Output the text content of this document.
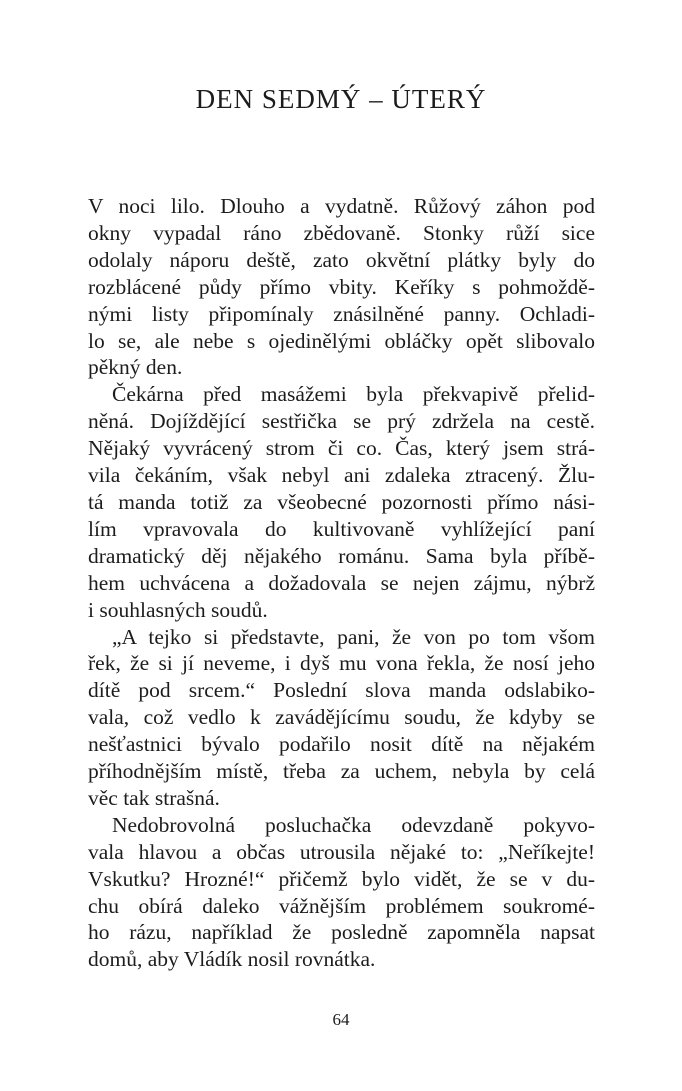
DEN SEDMÝ – ÚTERÝ
V noci lilo. Dlouho a vydatně. Růžový záhon pod
okny vypadal ráno zbědovaně. Stonky růží sice
odolaly náporu deště, zato okvětní plátky byly do
rozblácené půdy přímo vbity. Keříky s pohmoždě-
nými listy připomínaly znásilněné panny. Ochladi-
lo se, ale nebe s ojedinělými obláčky opět slibovalo
pěkný den.
Čekárna před masážemi byla překvapivě přelid-
něná. Dojíždějící sestřička se prý zdržela na cestě.
Nějaký vyvrácený strom či co. Čas, který jsem strá-
vila čekáním, však nebyl ani zdaleka ztracený. Žlu-
tá manda totiž za všeobecné pozornosti přímo nási-
lím vpravovala do kultivovaně vyhlížející paní
dramatický děj nějakého románu. Sama byla příbě-
hem uchvácena a dožadovala se nejen zájmu, nýbrž
i souhlasných soudů.
„A tejko si představte, pani, že von po tom všom
řek, že si jí neveme, i dyš mu vona řekla, že nosí jeho
dítě pod srcem.“ Poslední slova manda odslabiko-
vala, což vedlo k zavádějícímu soudu, že kdyby se
nešťastnici bývalo podařilo nosit dítě na nějakém
příhodnějším místě, třeba za uchem, nebyla by celá
věc tak strašná.
Nedobrovolná posluchačka odevzdaně pokyvo-
vala hlavou a občas utrousila nějaké to: „Neříkejte!
Vskutku? Hrozné!“ přičemž bylo vidět, že se v du-
chu obírá daleko vážnějším problémem soukromé-
ho rázu, například že posledně zapomněla napsat
domů, aby Vládík nosil rovnátka.
64
